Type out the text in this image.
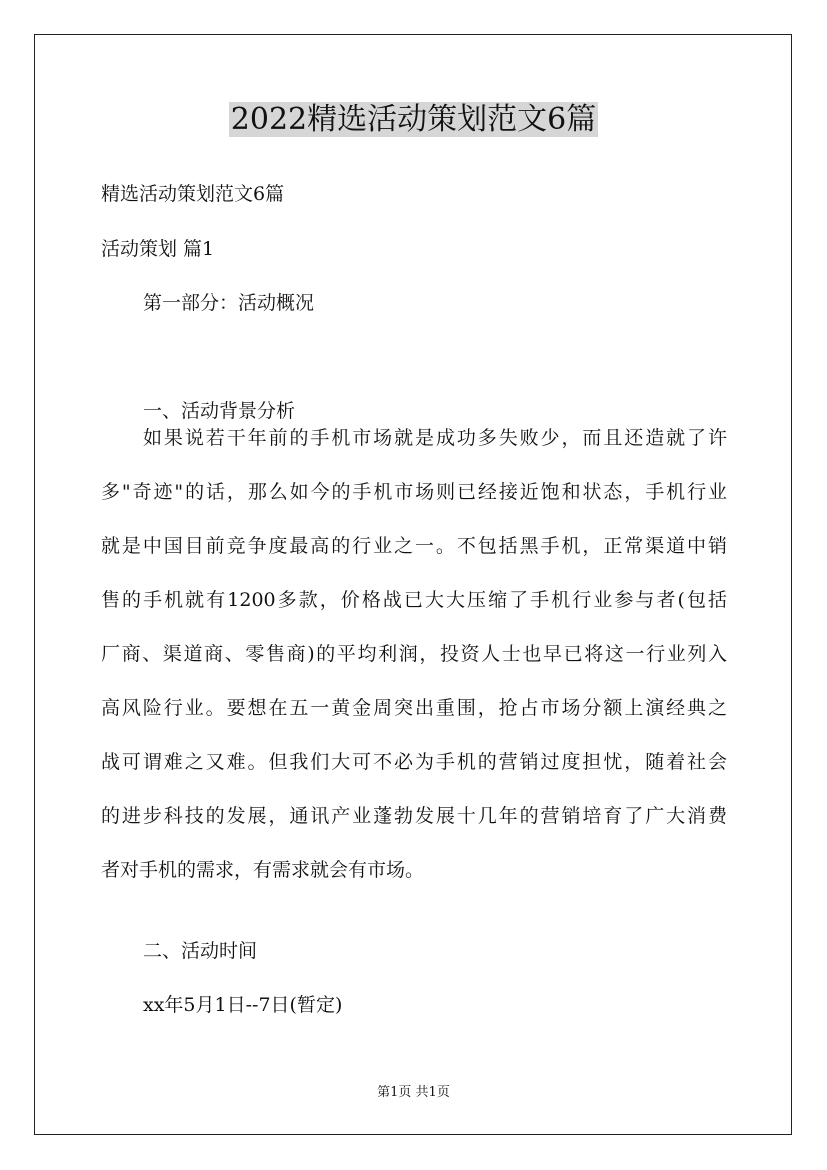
2022精选活动策划范文6篇
精选活动策划范文6篇
活动策划 篇1
第一部分：活动概况
一、活动背景分析
如果说若干年前的手机市场就是成功多失败少，而且还造就了许
多"奇迹"的话，那么如今的手机市场则已经接近饱和状态，手机行业
就是中国目前竞争度最高的行业之一。不包括黑手机，正常渠道中销
售的手机就有1200多款，价格战已大大压缩了手机行业参与者(包括
厂商、渠道商、零售商)的平均利润，投资人士也早已将这一行业列入
高风险行业。要想在五一黄金周突出重围，抢占市场分额上演经典之
战可谓难之又难。但我们大可不必为手机的营销过度担忧，随着社会
的进步科技的发展，通讯产业蓬勃发展十几年的营销培育了广大消费
者对手机的需求，有需求就会有市场。
二、活动时间
xx年5月1日--7日(暂定)
第1页 共1页
